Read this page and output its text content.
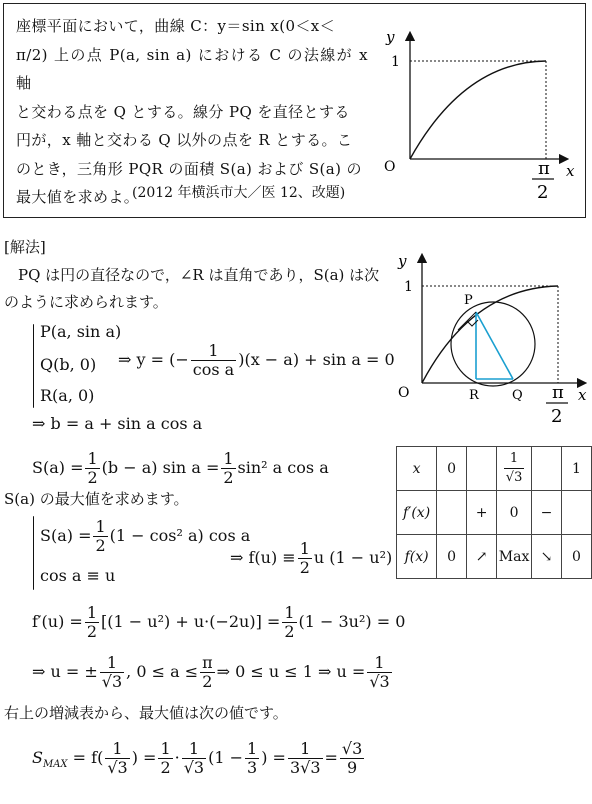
座標平面において，曲線 C：y＝sin x(0＜x＜

π/2) 上の点 P(a, sin a) における C の法線が x 軸

と交わる点を Q とする。線分 PQ を直径とする

円が，x 軸と交わる Q 以外の点を R とする。こ

のとき，三角形 PQR の面積 S(a) および S(a) の

最大値を求めよ。

(2012 年横浜市大／医 12、改題)
y
1
O	x
π
2
[解法]
PQ は円の直径なので，∠R は直角であり，S(a) は次
のように求められます。
P(a, sin a)
Q(b, 0)
R(a, 0)
⇒ y = (− $\frac{1}{\text{cos a}} )(x - a) + \sin a = 0$
⇒ b = a + sin a cos a
$S(a) = \frac{1}{2} (b - a)$ $\sin a = \frac{1}{2} \sin^2$ a cos a
S(a) の最大値を求めます。
$S(a) = \frac{1}{2} (1 - \cos^2$ a) cos a
cos a ≡ u
⇒ $f(u) \equiv \frac{1}{2}$ u (1 − u²)
$f'(u) = \frac{1}{2} [(1 - u^2) + u\cdot(-2u)] = \frac{1}{2} (1 - 3u^2) = 0$
⇒ u = ± $\frac{1}{√3}$ , $0 \le a \le \frac{\pi}{2}$ ⇒ 0 ≤ u ≤ 1 ⇒ $u = \frac{1}{√3}$
右上の増減表から、最大値は次の値です。
$S_{MAX} = f( \frac{1}{√3}$ ) = $\frac{1}{2} \cdot \frac{1}{√3} (1 - \frac{1}{3}$ ) = $\frac{1}{3√3} = \frac{√3}{9}$
y
1
O
P
R	Q	x
π
2
x	0		$\frac{1}{√3}$		1
f′(x)		+	0	−	
f(x)	0	↗	Max	↘	0
